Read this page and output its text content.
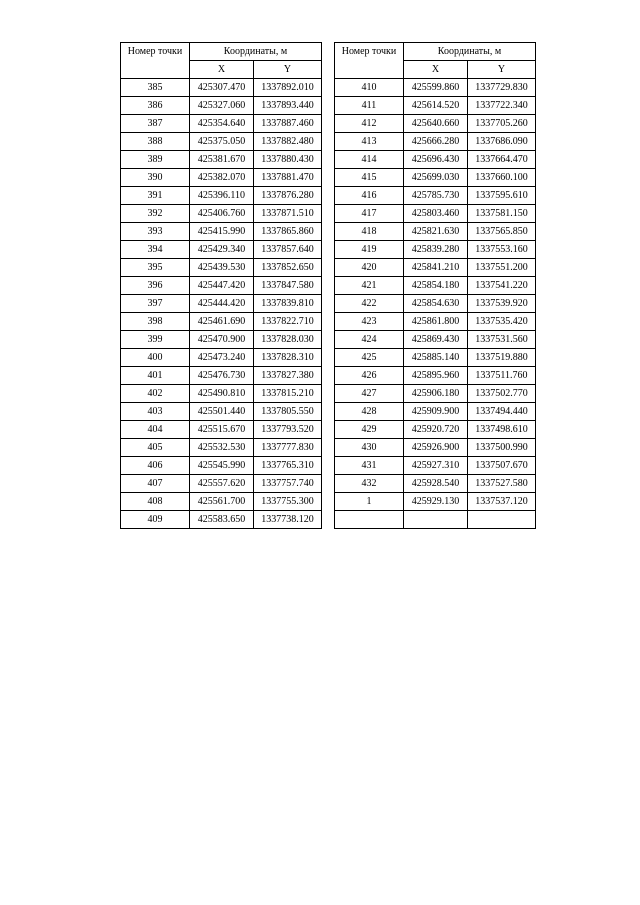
Номер точки	Координаты, м	
	X	Y
385	425307.470	1337892.010
386	425327.060	1337893.440
387	425354.640	1337887.460
388	425375.050	1337882.480
389	425381.670	1337880.430
390	425382.070	1337881.470
391	425396.110	1337876.280
392	425406.760	1337871.510
393	425415.990	1337865.860
394	425429.340	1337857.640
395	425439.530	1337852.650
396	425447.420	1337847.580
397	425444.420	1337839.810
398	425461.690	1337822.710
399	425470.900	1337828.030
400	425473.240	1337828.310
401	425476.730	1337827.380
402	425490.810	1337815.210
403	425501.440	1337805.550
404	425515.670	1337793.520
405	425532.530	1337777.830
406	425545.990	1337765.310
407	425557.620	1337757.740
408	425561.700	1337755.300
409	425583.650	1337738.120
Номер точки	Координаты, м	
	X	Y
410	425599.860	1337729.830
411	425614.520	1337722.340
412	425640.660	1337705.260
413	425666.280	1337686.090
414	425696.430	1337664.470
415	425699.030	1337660.100
416	425785.730	1337595.610
417	425803.460	1337581.150
418	425821.630	1337565.850
419	425839.280	1337553.160
420	425841.210	1337551.200
421	425854.180	1337541.220
422	425854.630	1337539.920
423	425861.800	1337535.420
424	425869.430	1337531.560
425	425885.140	1337519.880
426	425895.960	1337511.760
427	425906.180	1337502.770
428	425909.900	1337494.440
429	425920.720	1337498.610
430	425926.900	1337500.990
431	425927.310	1337507.670
432	425928.540	1337527.580
1	425929.130	1337537.120
